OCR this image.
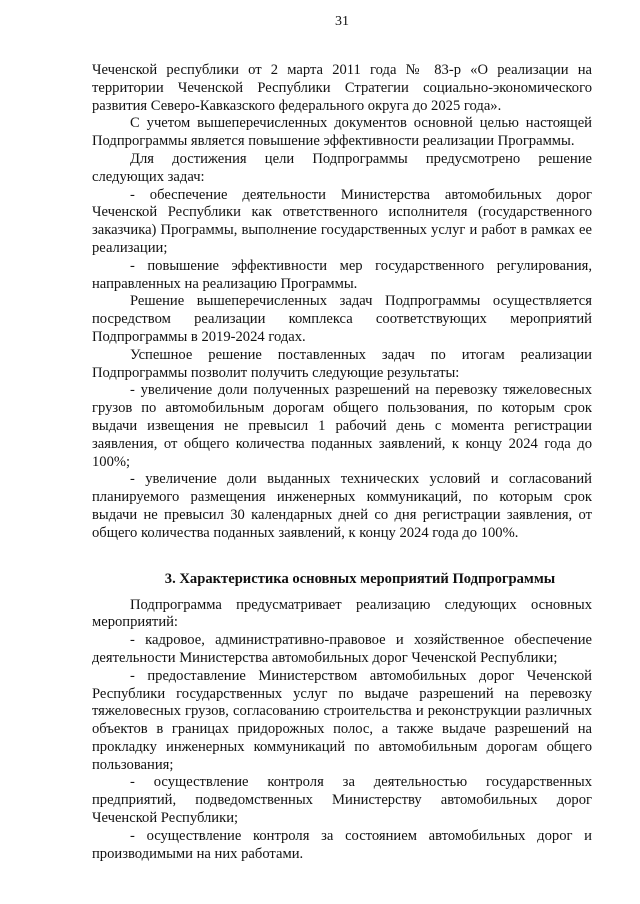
31

Чеченской республики от 2 марта 2011 года № 83-р «О реализации на территории Чеченской Республики Стратегии социально-экономического развития Северо-Кавказского федерального округа до 2025 года».

С учетом вышеперечисленных документов основной целью настоящей Подпрограммы является повышение эффективности реализации Программы.

Для достижения цели Подпрограммы предусмотрено решение следующих задач:

- обеспечение деятельности Министерства автомобильных дорог Чеченской Республики как ответственного исполнителя (государственного заказчика) Программы, выполнение государственных услуг и работ в рамках ее реализации;

- повышение эффективности мер государственного регулирования, направленных на реализацию Программы.

Решение вышеперечисленных задач Подпрограммы осуществляется посредством реализации комплекса соответствующих мероприятий Подпрограммы в 2019-2024 годах.

Успешное решение поставленных задач по итогам реализации Подпрограммы позволит получить следующие результаты:

- увеличение доли полученных разрешений на перевозку тяжеловесных грузов по автомобильным дорогам общего пользования, по которым срок выдачи извещения не превысил 1 рабочий день с момента регистрации заявления, от общего количества поданных заявлений, к концу 2024 года до 100%;

- увеличение доли выданных технических условий и согласований планируемого размещения инженерных коммуникаций, по которым срок выдачи не превысил 30 календарных дней со дня регистрации заявления, от общего количества поданных заявлений, к концу 2024 года до 100%.

3. Характеристика основных мероприятий Подпрограммы

Подпрограмма предусматривает реализацию следующих основных мероприятий:

- кадровое, административно-правовое и хозяйственное обеспечение деятельности Министерства автомобильных дорог Чеченской Республики;

- предоставление Министерством автомобильных дорог Чеченской Республики государственных услуг по выдаче разрешений на перевозку тяжеловесных грузов, согласованию строительства и реконструкции различных объектов в границах придорожных полос, а также выдаче разрешений на прокладку инженерных коммуникаций по автомобильным дорогам общего пользования;

- осуществление контроля за деятельностью государственных предприятий, подведомственных Министерству автомобильных дорог Чеченской Республики;

- осуществление контроля за состоянием автомобильных дорог и производимыми на них работами.
